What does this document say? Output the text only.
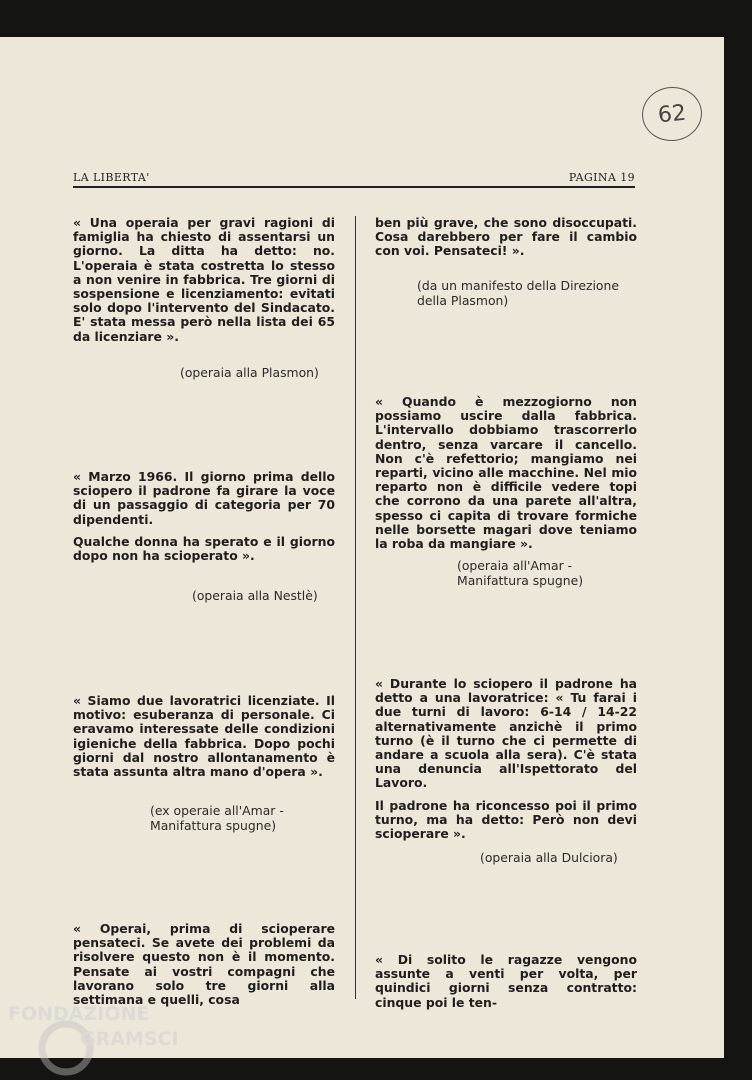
62
LA LIBERTA'	PAGINA 19

« Una operaia per gravi ragioni di famiglia ha chiesto di assentarsi un giorno. La ditta ha detto: no. L'operaia è stata costretta lo stesso a non venire in fabbrica. Tre giorni di sospensione e licenziamento: evitati solo dopo l'intervento del Sindacato. E' stata messa però nella lista dei 65 da licenziare ».

(operaia alla Plasmon)

« Marzo 1966. Il giorno prima dello sciopero il padrone fa girare la voce di un passaggio di categoria per 70 dipendenti.

Qualche donna ha sperato e il giorno dopo non ha scioperato ».

(operaia alla Nestlè)

« Siamo due lavoratrici licenziate. Il motivo: esuberanza di personale. Ci eravamo interessate delle condizioni igieniche della fabbrica. Dopo pochi giorni dal nostro allontanamento è stata assunta altra mano d'opera ».

(ex operaie all'Amar - Manifattura spugne)

« Operai, prima di scioperare pensateci. Se avete dei problemi da risolvere questo non è il momento. Pensate ai vostri compagni che lavorano solo tre giorni alla settimana e quelli, cosa

ben più grave, che sono disoccupati. Cosa darebbero per fare il cambio con voi. Pensateci! ».

(da un manifesto della Direzione della Plasmon)

« Quando è mezzogiorno non possiamo uscire dalla fabbrica. L'intervallo dobbiamo trascorrerlo dentro, senza varcare il cancello. Non c'è refettorio; mangiamo nei reparti, vicino alle macchine. Nel mio reparto non è difficile vedere topi che corrono da una parete all'altra, spesso ci capita di trovare formiche nelle borsette magari dove teniamo la roba da mangiare ».

(operaia all'Amar - Manifattura spugne)

« Durante lo sciopero il padrone ha detto a una lavoratrice: « Tu farai i due turni di lavoro: 6-14 / 14-22 alternativamente anzichè il primo turno (è il turno che ci permette di andare a scuola alla sera). C'è stata una denuncia all'Ispettorato del Lavoro.

Il padrone ha riconcesso poi il primo turno, ma ha detto: Però non devi scioperare ».

(operaia alla Dulciora)

« Di solito le ragazze vengono assunte a venti per volta, per quindici giorni senza contratto: cinque poi le ten-

FONDAZIONE
GRAMSCI
